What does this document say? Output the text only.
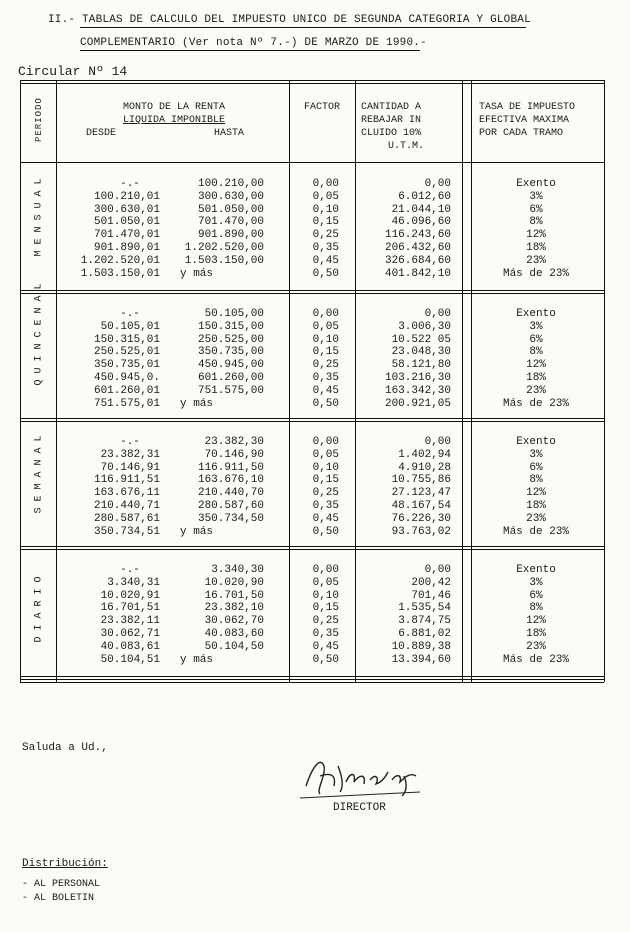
II.- TABLAS DE CALCULO DEL IMPUESTO UNICO DE SEGUNDA CATEGORIA Y GLOBAL
COMPLEMENTARIO (Ver nota Nº 7.-) DE MARZO DE 1990.-
Circular Nº 14
MONTO DE LA RENTA
LIQUIDA IMPONIBLE
DESDE	HASTA
FACTOR	CANTIDAD A
REBAJAR IN
CLUIDO 10%
U.T.M.
TASA DE IMPUESTO
EFECTIVA MAXIMA
POR CADA TRAMO
PERIODO
MENSUAL	-.-	100.210,00	0,00	0,00	Exento
100.210,01	300.630,00	0,05	6.012,60	3%
300.630,01	501.050,00	0,10	21.044,10	6%
501.050,01	701.470,00	0,15	46.096,60	8%
701.470,01	901.890,00	0,25	116.243,60	12%
901.890,01	1.202.520,00	0,35	206.432,60	18%
1.202.520,01	1.503.150,00	0,45	326.684,60	23%
1.503.150,01 y más	0,50	401.842,10	Más de 23%
QUINCENAL	-.-	50.105,00	0,00	0,00	Exento
50.105,01	150.315,00	0,05	3.006,30	3%
150.315,01	250.525,00	0,10	10.522 05	6%
250.525,01	350.735,00	0,15	23.048,30	8%
350.735,01	450.945,00	0,25	58.121,80	12%
450.945,0.	601.260,00	0,35	103.216,30	18%
601.260,01	751.575,00	0,45	163.342,30	23%
751.575,01 y más	0,50	200.921,05	Más de 23%
SEMANAL	-.-	23.382,30	0,00	0,00	Exento
23.382,31	70.146,90	0,05	1.402,94	3%
70.146,91	116.911,50	0,10	4.910,28	6%
116.911,51	163.676,10	0,15	10.755,86	8%
163.676,11	210.440,70	0,25	27.123,47	12%
210.440,71	280.587,60	0,35	48.167,54	18%
280.587,61	350.734,50	0,45	76.226,30	23%
350.734,51 y más	0,50	93.763,02	Más de 23%
DIARIO	-.-	3.340,30	0,00	0,00	Exento
3.340,31	10.020,90	0,05	200,42	3%
10.020,91	16.701,50	0,10	701,46	6%
16.701,51	23.382,10	0,15	1.535,54	8%
23.382,11	30.062,70	0,25	3.874,75	12%
30.062,71	40.083,60	0,35	6.881,02	18%
40.083,61	50.104,50	0,45	10.889,38	23%
50.104,51 y más	0,50	13.394,60	Más de 23%
Saluda a Ud.,
DIRECTOR
Distribución:
- AL PERSONAL
- AL BOLETIN
